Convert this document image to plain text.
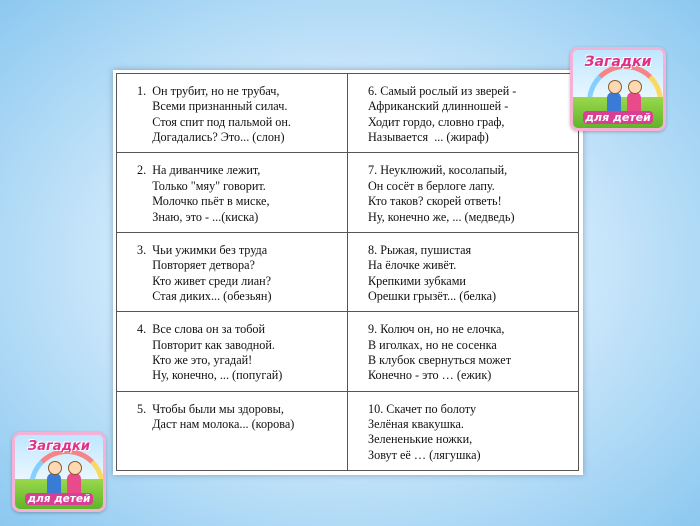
1.  Он трубит, но не трубач,
Всеми признанный силач.
Стоя спит под пальмой он.
Догадались? Это... (слон)	6. Самый рослый из зверей -
Африканский длинношей -
Ходит гордо, словно граф,
Называется  ... (жираф)
2.  На диванчике лежит,
Только "мяу" говорит.
Молочко пьёт в миске,
Знаю, это - ...(киска)	7. Неуклюжий, косолапый,
Он сосёт в берлоге лапу.
Кто таков? скорей ответь!
Ну, конечно же, ... (медведь)
3.  Чьи ужимки без труда
Повторяет детвора?
Кто живет среди лиан?
Стая диких... (обезьян)	8. Рыжая, пушистая
На ёлочке живёт.
Крепкими зубками
Орешки грызёт... (белка)
4.  Все слова он за тобой
Повторит как заводной.
Кто же это, угадай!
Ну, конечно, ... (попугай)	9. Колюч он, но не елочка,
В иголках, но не сосенка
В клубок свернуться может
Конечно - это … (ежик)
5.  Чтобы были мы здоровы,
Даст нам молока... (корова)	10. Скачет по болоту
Зелёная квакушка.
Зелененькие ножки,
Зовут её … (лягушка)
Загадки
для детей
Загадки
для детей
